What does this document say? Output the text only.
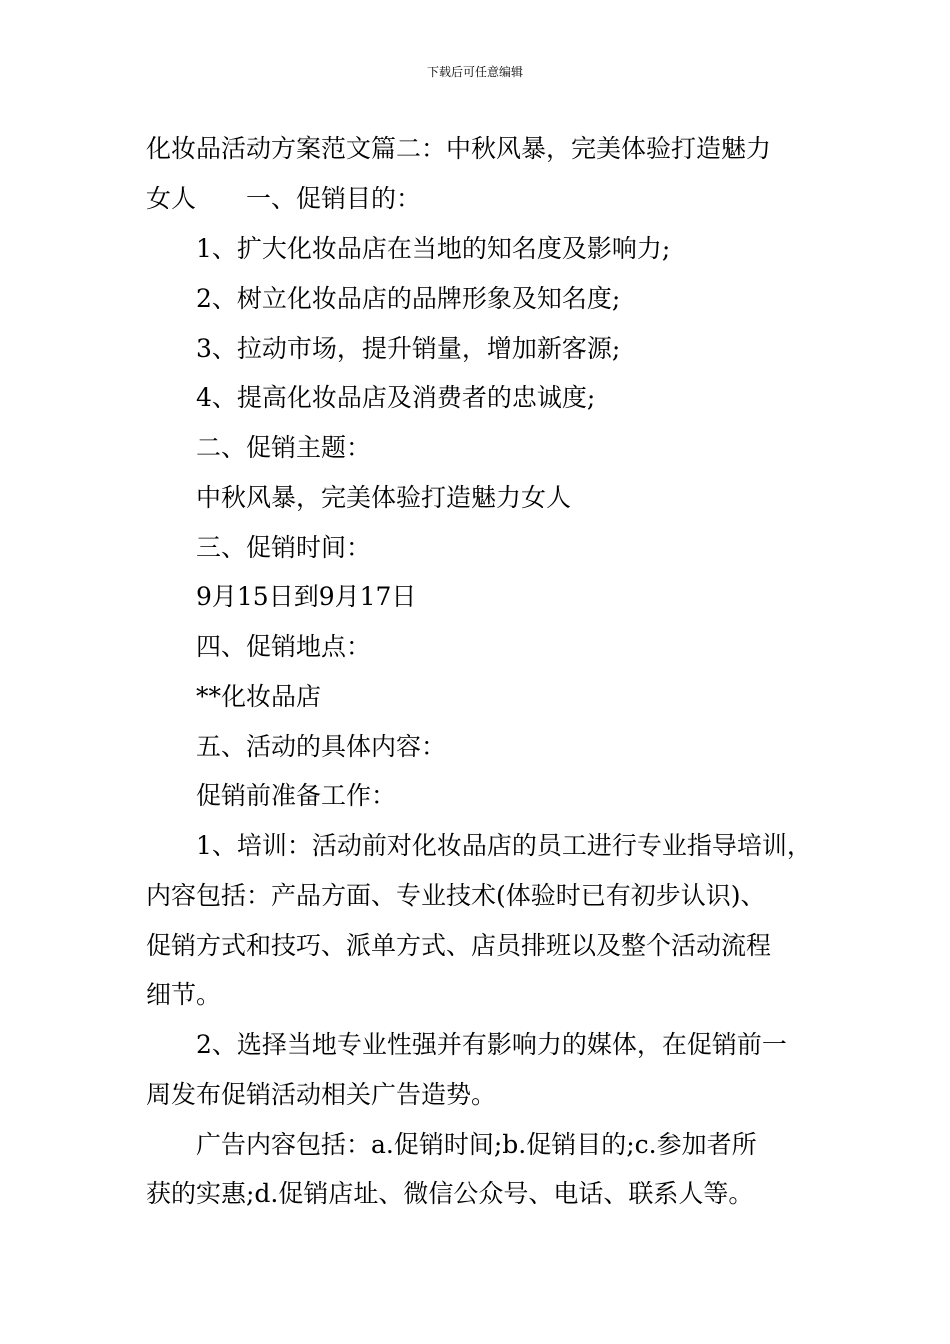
下载后可任意编辑
化妆品活动方案范文篇二：中秋风暴，完美体验打造魅力
女人　　一、促销目的：
1、扩大化妆品店在当地的知名度及影响力;
2、树立化妆品店的品牌形象及知名度;
3、拉动市场，提升销量，增加新客源;
4、提高化妆品店及消费者的忠诚度;
二、促销主题：
中秋风暴，完美体验打造魅力女人
三、促销时间：
9月15日到9月17日
四、促销地点：
**化妆品店
五、活动的具体内容：
促销前准备工作：
1、培训：活动前对化妆品店的员工进行专业指导培训，
内容包括：产品方面、专业技术(体验时已有初步认识)、
促销方式和技巧、派单方式、店员排班以及整个活动流程
细节。
2、选择当地专业性强并有影响力的媒体，在促销前一
周发布促销活动相关广告造势。
广告内容包括：a.促销时间;b.促销目的;c.参加者所
获的实惠;d.促销店址、微信公众号、电话、联系人等。
